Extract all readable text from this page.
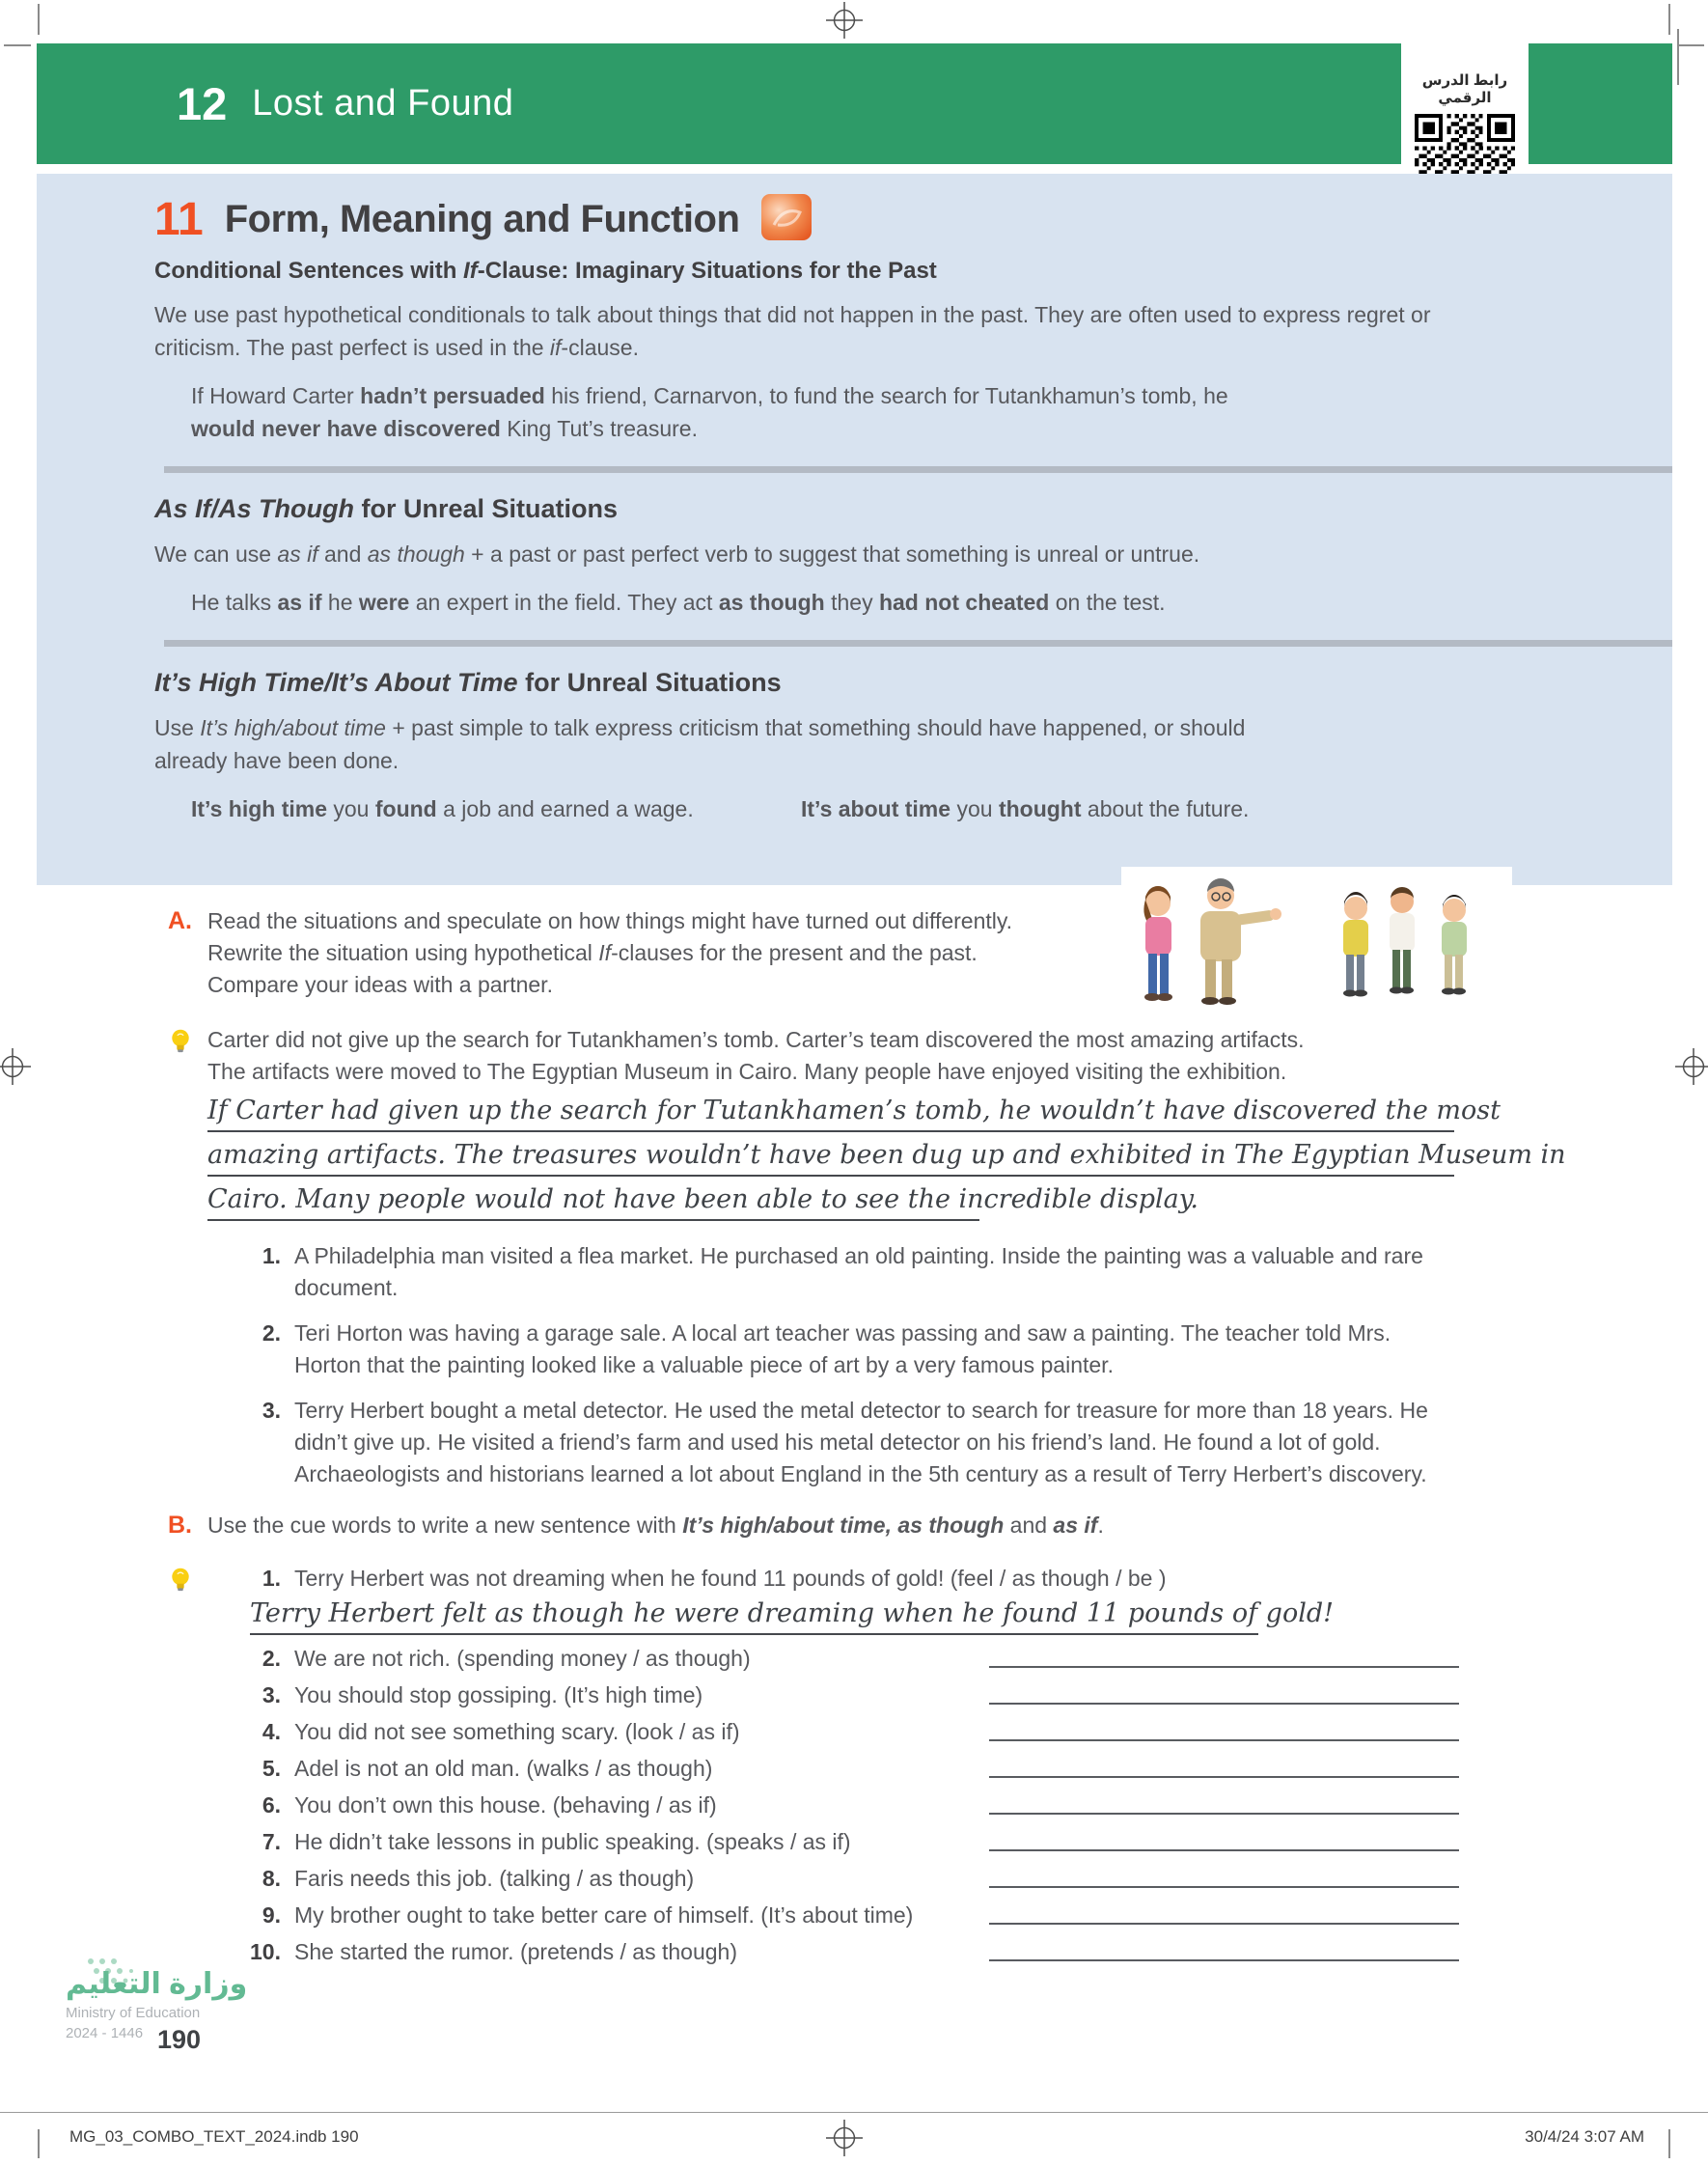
12 Lost and Found
رابط الدرس الرقمي
11 Form, Meaning and Function
Conditional Sentences with If-Clause: Imaginary Situations for the Past

We use past hypothetical conditionals to talk about things that did not happen in the past. They are often used to express regret or criticism. The past perfect is used in the if-clause.

If Howard Carter hadn’t persuaded his friend, Carnarvon, to fund the search for Tutankhamun’s tomb, he
would never have discovered King Tut’s treasure.

As If/As Though for Unreal Situations

We can use as if and as though + a past or past perfect verb to suggest that something is unreal or untrue.

He talks as if he were an expert in the field. They act as though they had not cheated on the test.

It’s High Time/It’s About Time for Unreal Situations

Use It’s high/about time + past simple to talk express criticism that something should have happened, or should
already have been done.

It’s high time you found a job and earned a wage.	It’s about time you thought about the future.
A. Read the situations and speculate on how things might have turned out differently.
Rewrite the situation using hypothetical If-clauses for the present and the past.
Compare your ideas with a partner.
Carter did not give up the search for Tutankhamen’s tomb. Carter’s team discovered the most amazing artifacts.
The artifacts were moved to The Egyptian Museum in Cairo. Many people have enjoyed visiting the exhibition.
If Carter had given up the search for Tutankhamen’s tomb, he wouldn’t have discovered the most
amazing artifacts. The treasures wouldn’t have been dug up and exhibited in The Egyptian Museum in
Cairo. Many people would not have been able to see the incredible display.
1. A Philadelphia man visited a flea market. He purchased an old painting. Inside the painting was a valuable and rare document.
2. Teri Horton was having a garage sale. A local art teacher was passing and saw a painting. The teacher told Mrs. Horton that the painting looked like a valuable piece of art by a very famous painter.
3. Terry Herbert bought a metal detector. He used the metal detector to search for treasure for more than 18 years. He didn’t give up. He visited a friend’s farm and used his metal detector on his friend’s land. He found a lot of gold. Archaeologists and historians learned a lot about England in the 5th century as a result of Terry Herbert’s discovery.
B. Use the cue words to write a new sentence with It’s high/about time, as though and as if.
1. Terry Herbert was not dreaming when he found 11 pounds of gold! (feel / as though / be )
Terry Herbert felt as though he were dreaming when he found 11 pounds of gold!
2. We are not rich. (spending money / as though)
3. You should stop gossiping. (It’s high time)
4. You did not see something scary. (look / as if)
5. Adel is not an old man. (walks / as though)
6. You don’t own this house. (behaving / as if)
7. He didn’t take lessons in public speaking. (speaks / as if)
8. Faris needs this job. (talking / as though)
9. My brother ought to take better care of himself. (It’s about time)
10. She started the rumor. (pretends / as though)
وزارة التعليم
Ministry of Education
2024 - 1446 190
MG_03_COMBO_TEXT_2024.indb 190	30/4/24 3:07 AM
